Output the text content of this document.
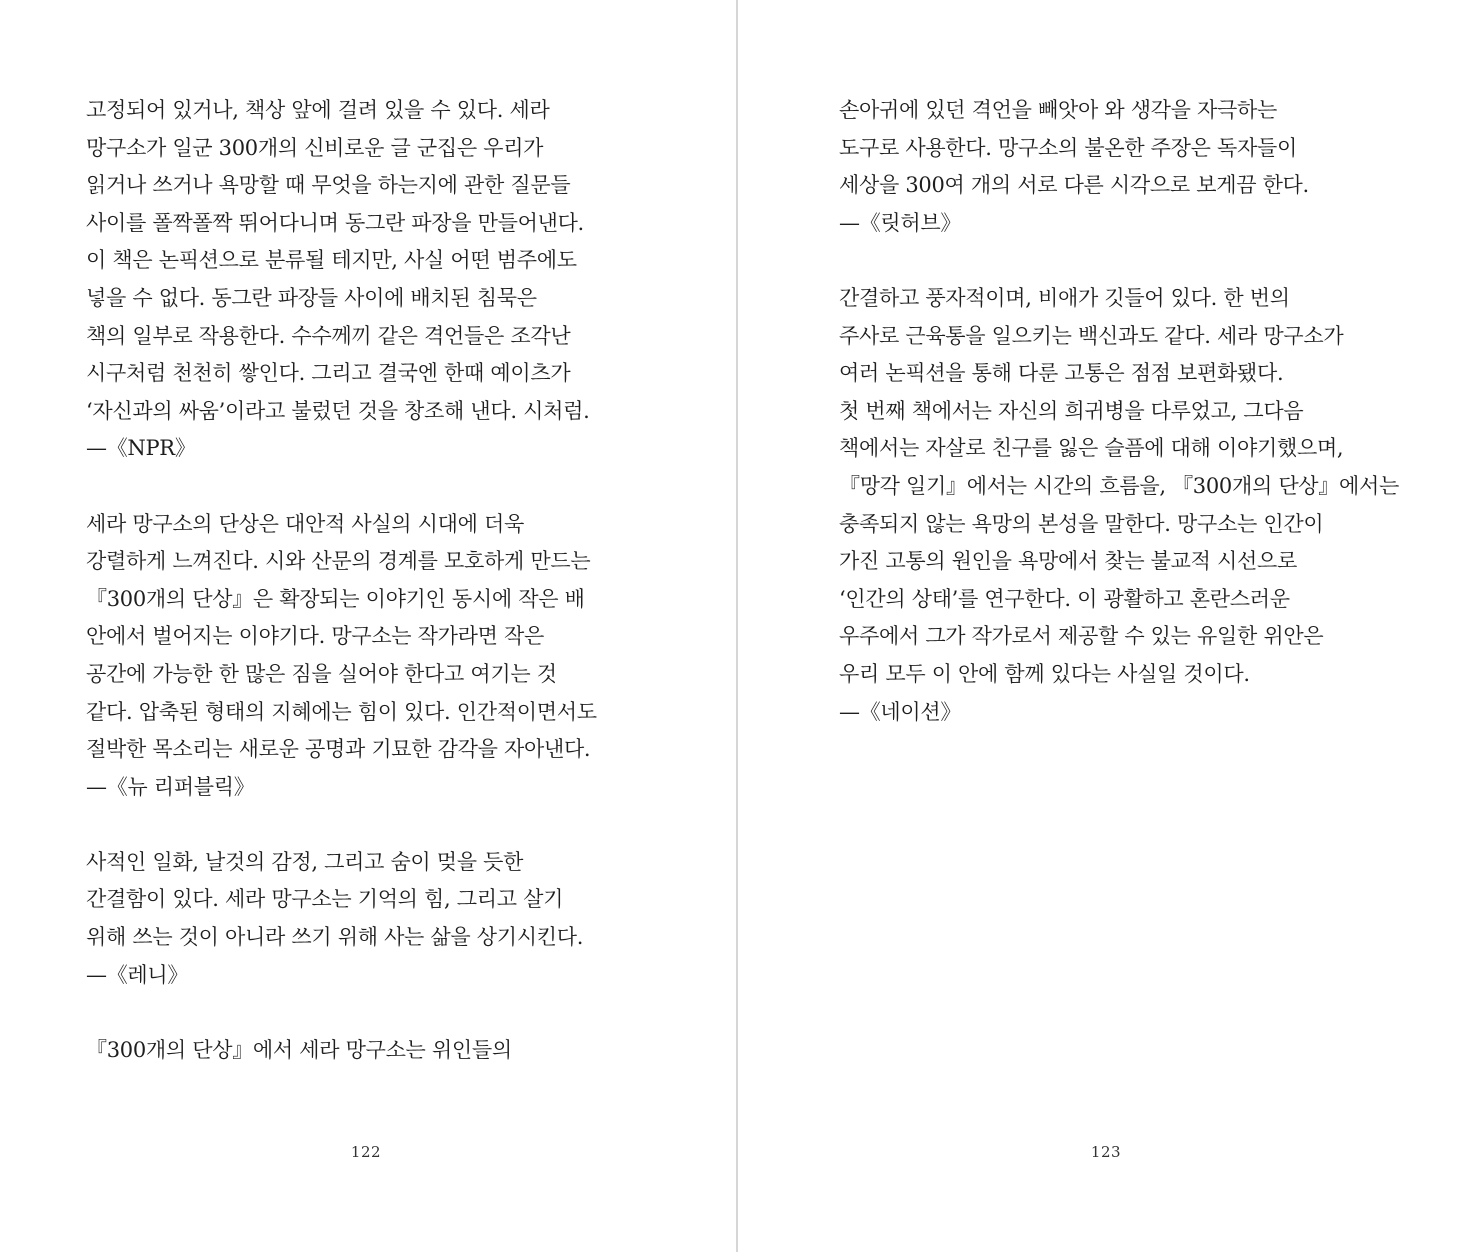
고정되어 있거나, 책상 앞에 걸려 있을 수 있다. 세라
망구소가 일군 300개의 신비로운 글 군집은 우리가
읽거나 쓰거나 욕망할 때 무엇을 하는지에 관한 질문들
사이를 폴짝폴짝 뛰어다니며 동그란 파장을 만들어낸다.
이 책은 논픽션으로 분류될 테지만, 사실 어떤 범주에도
넣을 수 없다. 동그란 파장들 사이에 배치된 침묵은
책의 일부로 작용한다. 수수께끼 같은 격언들은 조각난
시구처럼 천천히 쌓인다. 그리고 결국엔 한때 예이츠가
‘자신과의 싸움’이라고 불렀던 것을 창조해 낸다. 시처럼.
—《NPR》
세라 망구소의 단상은 대안적 사실의 시대에 더욱
강렬하게 느껴진다. 시와 산문의 경계를 모호하게 만드는
『300개의 단상』은 확장되는 이야기인 동시에 작은 배
안에서 벌어지는 이야기다. 망구소는 작가라면 작은
공간에 가능한 한 많은 짐을 실어야 한다고 여기는 것
같다. 압축된 형태의 지혜에는 힘이 있다. 인간적이면서도
절박한 목소리는 새로운 공명과 기묘한 감각을 자아낸다.
—《뉴 리퍼블릭》
사적인 일화, 날것의 감정, 그리고 숨이 멎을 듯한
간결함이 있다. 세라 망구소는 기억의 힘, 그리고 살기
위해 쓰는 것이 아니라 쓰기 위해 사는 삶을 상기시킨다.
—《레니》
『300개의 단상』에서 세라 망구소는 위인들의
122
손아귀에 있던 격언을 빼앗아 와 생각을 자극하는
도구로 사용한다. 망구소의 불온한 주장은 독자들이
세상을 300여 개의 서로 다른 시각으로 보게끔 한다.
—《릿허브》
간결하고 풍자적이며, 비애가 깃들어 있다. 한 번의
주사로 근육통을 일으키는 백신과도 같다. 세라 망구소가
여러 논픽션을 통해 다룬 고통은 점점 보편화됐다.
첫 번째 책에서는 자신의 희귀병을 다루었고, 그다음
책에서는 자살로 친구를 잃은 슬픔에 대해 이야기했으며,
『망각 일기』에서는 시간의 흐름을, 『300개의 단상』에서는
충족되지 않는 욕망의 본성을 말한다. 망구소는 인간이
가진 고통의 원인을 욕망에서 찾는 불교적 시선으로
‘인간의 상태’를 연구한다. 이 광활하고 혼란스러운
우주에서 그가 작가로서 제공할 수 있는 유일한 위안은
우리 모두 이 안에 함께 있다는 사실일 것이다.
—《네이션》
123
